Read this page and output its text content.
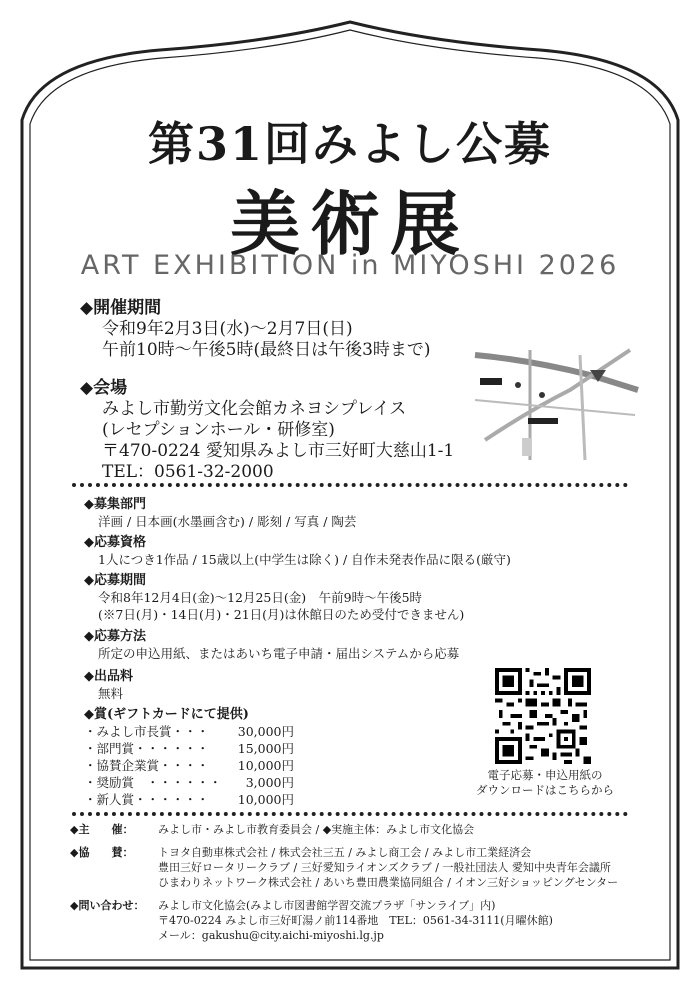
第31回みよし公募
美術展
ART EXHIBITION in MIYOSHI 2026
◆開催期間
令和9年2月3日(水)～2月7日(日)
午前10時～午後5時(最終日は午後3時まで)
◆会場
みよし市勤労文化会館カネヨシプレイス
(レセプションホール・研修室)
〒470-0224 愛知県みよし市三好町大慈山1-1
TEL：0561-32-2000
◆募集部門
洋画 / 日本画(水墨画含む) / 彫刻 / 写真 / 陶芸
◆応募資格
1人につき1作品 / 15歳以上(中学生は除く) / 自作未発表作品に限る(厳守)
◆応募期間
令和8年12月4日(金)～12月25日(金)　午前9時～午後5時
(※7日(月)・14日(月)・21日(月)は休館日のため受付できません)
◆応募方法
所定の申込用紙、またはあいち電子申請・届出システムから応募
◆出品料
無料
◆賞(ギフトカードにて提供)
・みよし市長賞・・・	30,000円
・部門賞・・・・・・	15,000円
・協賛企業賞・・・・	10,000円
・奨励賞　・・・・・・	3,000円
・新人賞・・・・・・	10,000円
電子応募・申込用紙の
ダウンロードはこちらから
◆主　　催：	みよし市・みよし市教育委員会 / ◆実施主体：みよし市文化協会
◆協　　賛：	トヨタ自動車株式会社 / 株式会社三五 / みよし商工会 / みよし市工業経済会
豊田三好ロータリークラブ / 三好愛知ライオンズクラブ / 一般社団法人 愛知中央青年会議所
ひまわりネットワーク株式会社 / あいち豊田農業協同組合 / イオン三好ショッピングセンター
◆問い合わせ：	みよし市文化協会(みよし市図書館学習交流プラザ「サンライブ」内)
〒470-0224 みよし市三好町湯ノ前114番地　TEL：0561-34-3111(月曜休館)
メール：gakushu@city.aichi-miyoshi.lg.jp
